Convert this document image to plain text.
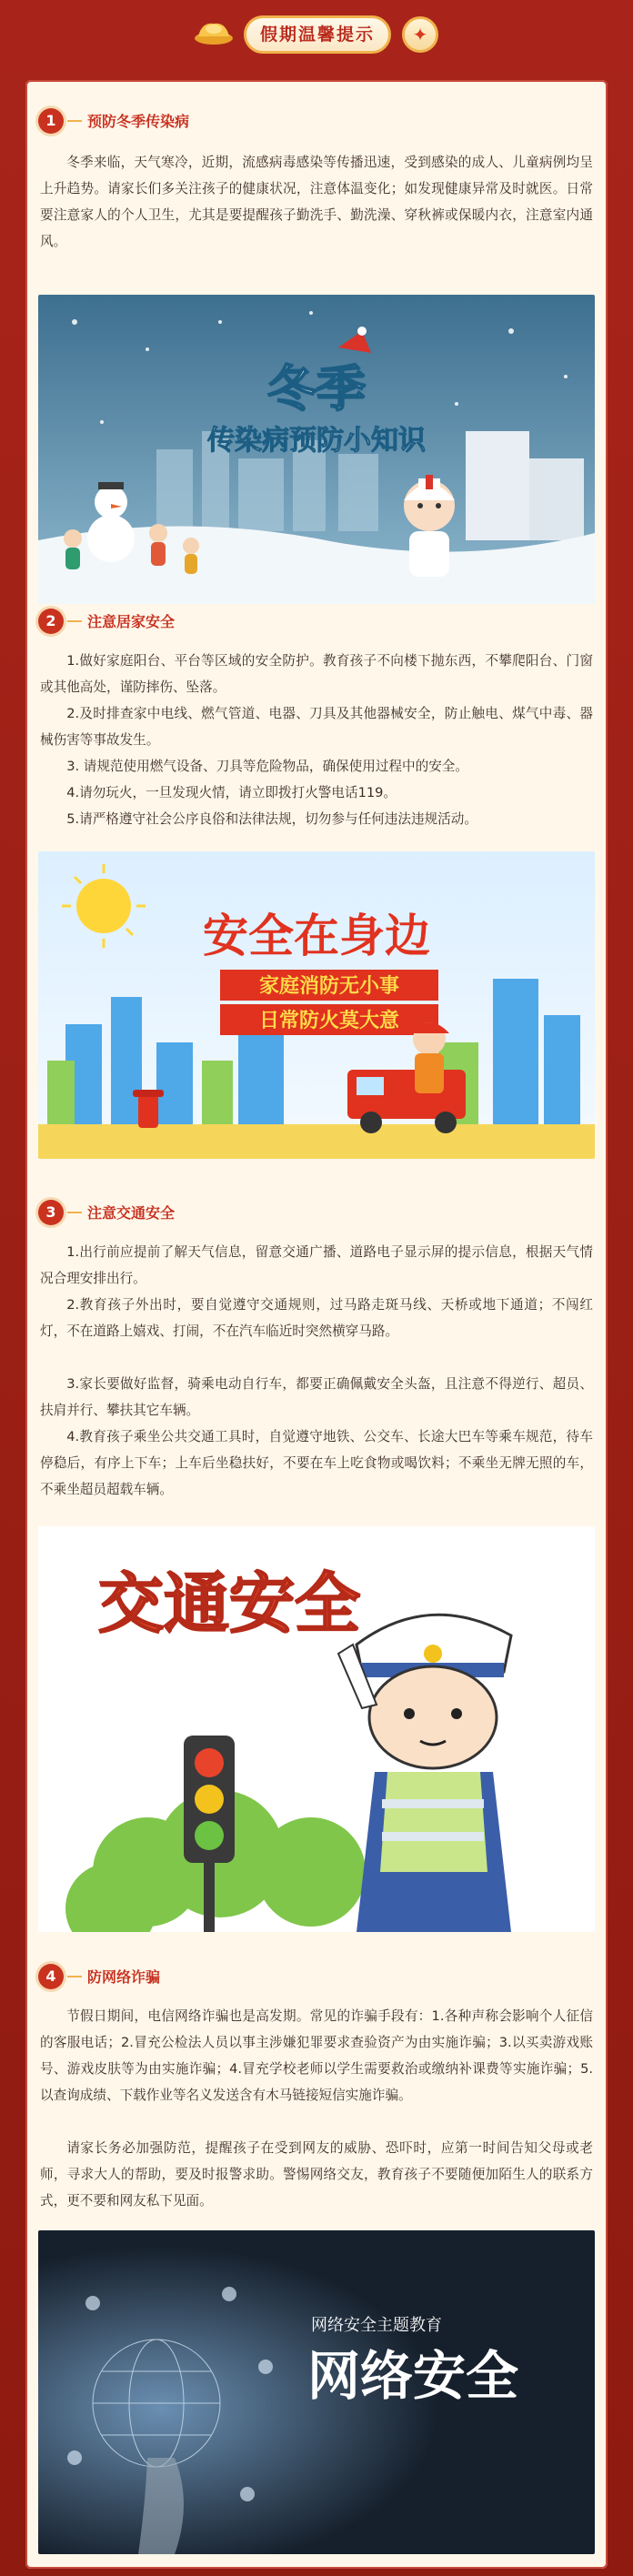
假期温馨提示	✦
1	预防冬季传染病

冬季来临，天气寒冷，近期，流感病毒感染等传播迅速，受到感染的成人、儿童病例均呈上升趋势。请家长们多关注孩子的健康状况，注意体温变化；如发现健康异常及时就医。日常要注意家人的个人卫生，尤其是要提醒孩子勤洗手、勤洗澡、穿秋裤或保暖内衣，注意室内通风。

冬季
传染病预防小知识
2	注意居家安全

1.做好家庭阳台、平台等区域的安全防护。教育孩子不向楼下抛东西，不攀爬阳台、门窗或其他高处，谨防摔伤、坠落。

2.及时排查家中电线、燃气管道、电器、刀具及其他器械安全，防止触电、煤气中毒、器械伤害等事故发生。

3. 请规范使用燃气设备、刀具等危险物品，确保使用过程中的安全。

4.请勿玩火，一旦发现火情，请立即拨打火警电话119。

5.请严格遵守社会公序良俗和法律法规，切勿参与任何违法违规活动。

安全在身边
家庭消防无小事
日常防火莫大意
3	注意交通安全

1.出行前应提前了解天气信息，留意交通广播、道路电子显示屏的提示信息，根据天气情况合理安排出行。

2.教育孩子外出时，要自觉遵守交通规则，过马路走斑马线、天桥或地下通道；不闯红灯，不在道路上嬉戏、打闹，不在汽车临近时突然横穿马路。

3.家长要做好监督，骑乘电动自行车，都要正确佩戴安全头盔，且注意不得逆行、超员、扶肩并行、攀扶其它车辆。

4.教育孩子乘坐公共交通工具时，自觉遵守地铁、公交车、长途大巴车等乘车规范，待车停稳后，有序上下车；上车后坐稳扶好，不要在车上吃食物或喝饮料；不乘坐无牌无照的车，不乘坐超员超载车辆。

交通安全
4	防网络诈骗

节假日期间，电信网络诈骗也是高发期。常见的诈骗手段有：1.各种声称会影响个人征信的客服电话；2.冒充公检法人员以事主涉嫌犯罪要求查验资产为由实施诈骗；3.以买卖游戏账号、游戏皮肤等为由实施诈骗；4.冒充学校老师以学生需要救治或缴纳补课费等实施诈骗；5.以查询成绩、下载作业等名义发送含有木马链接短信实施诈骗。

请家长务必加强防范，提醒孩子在受到网友的威胁、恐吓时，应第一时间告知父母或老师，寻求大人的帮助，要及时报警求助。警惕网络交友，教育孩子不要随便加陌生人的联系方式，更不要和网友私下见面。

网络安全主题教育
网络安全
